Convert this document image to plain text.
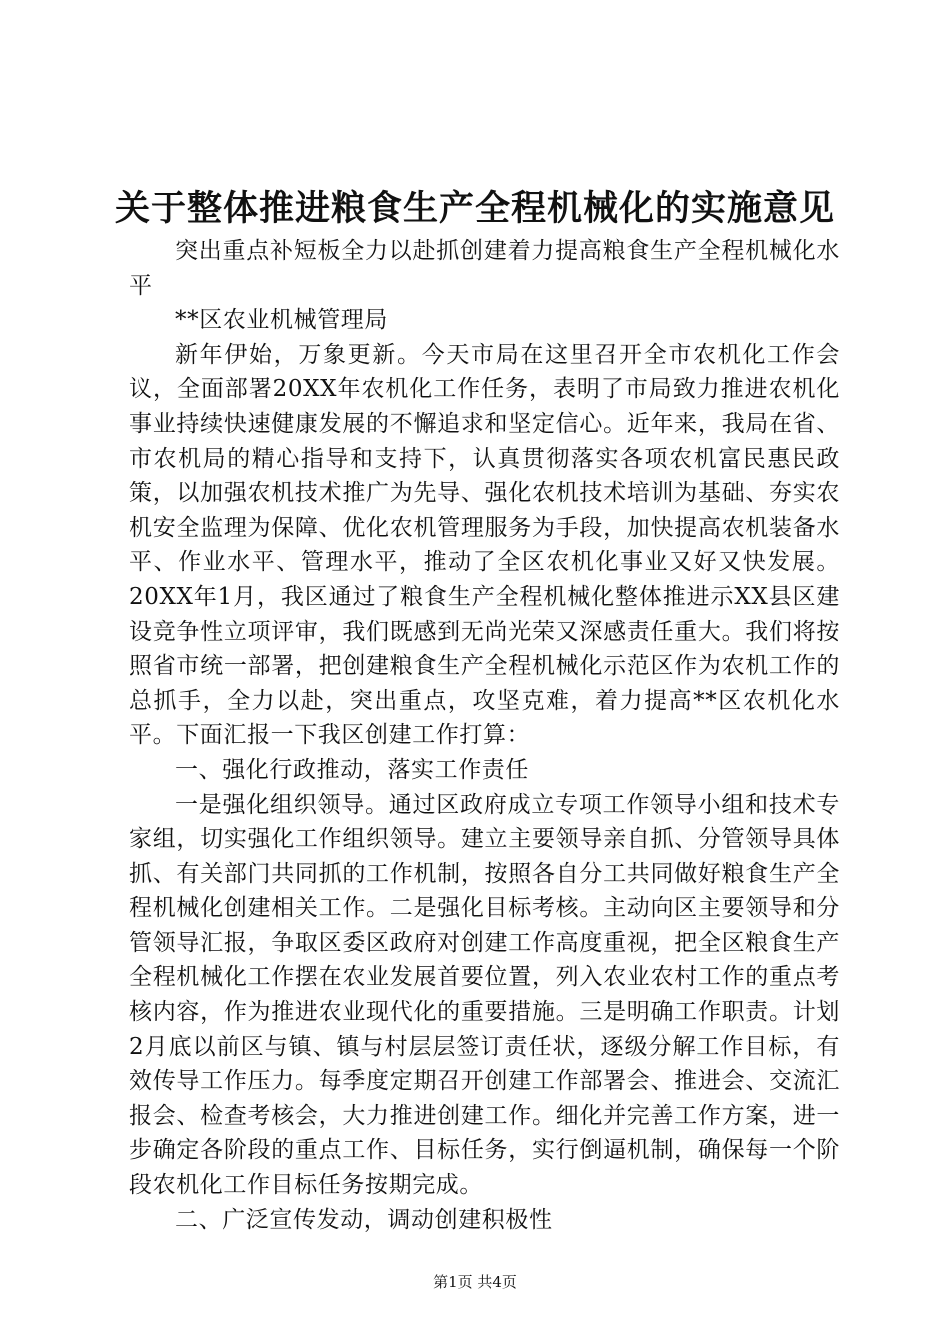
关于整体推进粮食生产全程机械化的实施意见

突出重点补短板全力以赴抓创建着力提高粮食生产全程机械化水平

**区农业机械管理局

新年伊始，万象更新。今天市局在这里召开全市农机化工作会议，全面部署20XX年农机化工作任务，表明了市局致力推进农机化事业持续快速健康发展的不懈追求和坚定信心。近年来，我局在省、市农机局的精心指导和支持下，认真贯彻落实各项农机富民惠民政策，以加强农机技术推广为先导、强化农机技术培训为基础、夯实农机安全监理为保障、优化农机管理服务为手段，加快提高农机装备水平、作业水平、管理水平，推动了全区农机化事业又好又快发展。20XX年1月，我区通过了粮食生产全程机械化整体推进示XX县区建设竞争性立项评审，我们既感到无尚光荣又深感责任重大。我们将按照省市统一部署，把创建粮食生产全程机械化示范区作为农机工作的总抓手，全力以赴，突出重点，攻坚克难，着力提高**区农机化水平。下面汇报一下我区创建工作打算：

一、强化行政推动，落实工作责任

一是强化组织领导。通过区政府成立专项工作领导小组和技术专家组，切实强化工作组织领导。建立主要领导亲自抓、分管领导具体抓、有关部门共同抓的工作机制，按照各自分工共同做好粮食生产全程机械化创建相关工作。二是强化目标考核。主动向区主要领导和分管领导汇报，争取区委区政府对创建工作高度重视，把全区粮食生产全程机械化工作摆在农业发展首要位置，列入农业农村工作的重点考核内容，作为推进农业现代化的重要措施。三是明确工作职责。计划2月底以前区与镇、镇与村层层签订责任状，逐级分解工作目标，有效传导工作压力。每季度定期召开创建工作部署会、推进会、交流汇报会、检查考核会，大力推进创建工作。细化并完善工作方案，进一步确定各阶段的重点工作、目标任务，实行倒逼机制，确保每一个阶段农机化工作目标任务按期完成。

二、广泛宣传发动，调动创建积极性

第1页 共4页
